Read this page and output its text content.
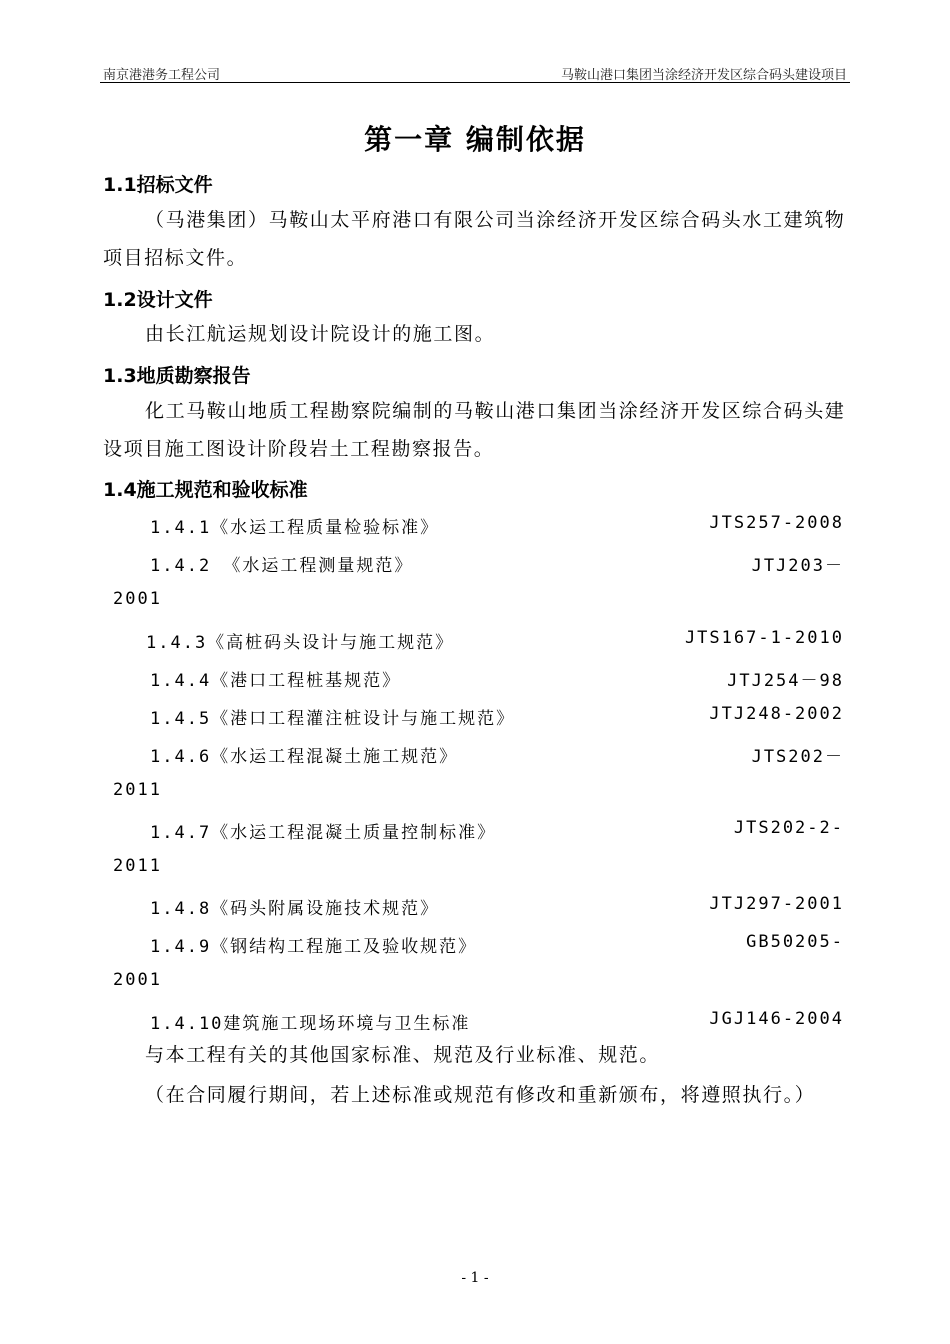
南京港港务工程公司	马鞍山港口集团当涂经济开发区综合码头建设项目
第一章 编制依据
1.1招标文件

（马港集团）马鞍山太平府港口有限公司当涂经济开发区综合码头水工建筑物项目招标文件。

1.2设计文件

由长江航运规划设计院设计的施工图。

1.3地质勘察报告

化工马鞍山地质工程勘察院编制的马鞍山港口集团当涂经济开发区综合码头建设项目施工图设计阶段岩土工程勘察报告。

1.4施工规范和验收标准
1.4.1《水运工程质量检验标准》	JTS257-2008
1.4.2 《水运工程测量规范》	JTJ203－
2001
1.4.3《高桩码头设计与施工规范》	JTS167-1-2010
1.4.4《港口工程桩基规范》	JTJ254－98
1.4.5《港口工程灌注桩设计与施工规范》	JTJ248-2002
1.4.6《水运工程混凝土施工规范》	JTS202－
2011
1.4.7《水运工程混凝土质量控制标准》	JTS202-2-
2011
1.4.8《码头附属设施技术规范》	JTJ297-2001
1.4.9《钢结构工程施工及验收规范》	GB50205-
2001
1.4.10建筑施工现场环境与卫生标准	JGJ146-2004

与本工程有关的其他国家标准、规范及行业标准、规范。

（在合同履行期间，若上述标准或规范有修改和重新颁布，将遵照执行。）

- 1 -
